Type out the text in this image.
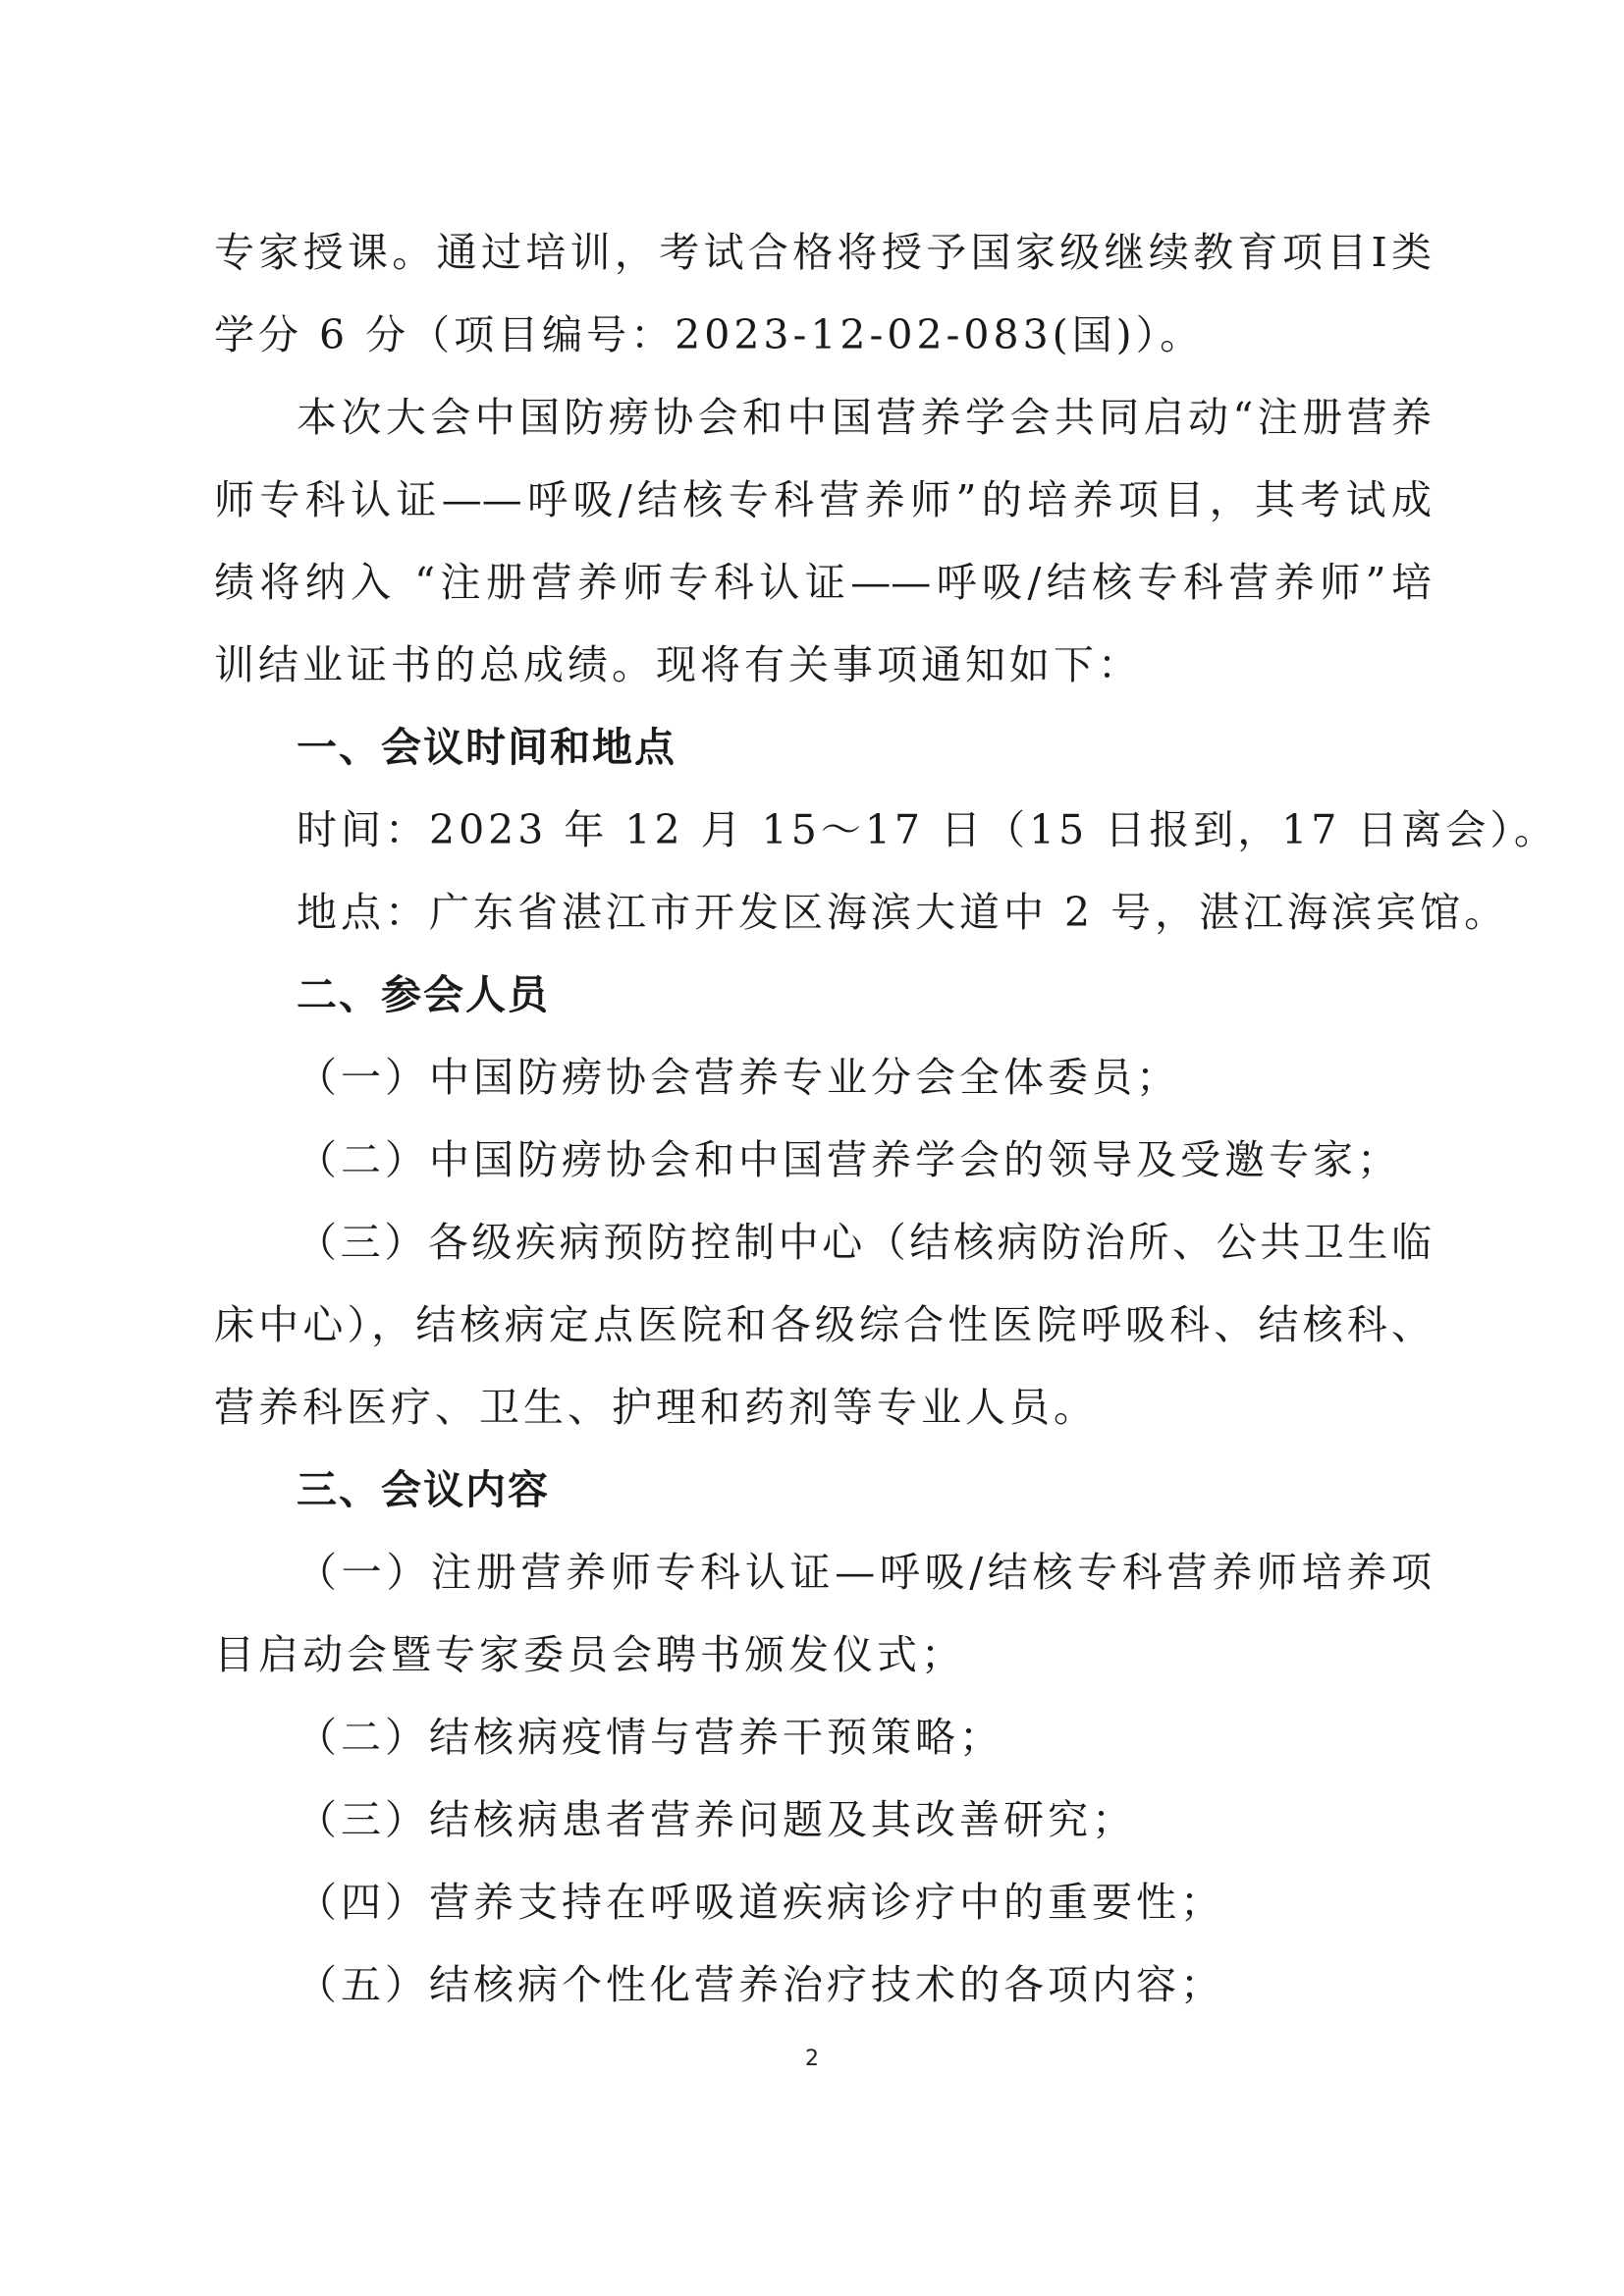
专家授课。通过培训，考试合格将授予国家级继续教育项目Ⅰ类
学分 6 分（项目编号：2023-12-02-083(国)）。
本次大会中国防痨协会和中国营养学会共同启动“注册营养
师专科认证——呼吸/结核专科营养师”的培养项目，其考试成
绩将纳入 “注册营养师专科认证——呼吸/结核专科营养师”培
训结业证书的总成绩。现将有关事项通知如下：
一、会议时间和地点
时间：2023 年 12 月 15～17 日（15 日报到，17 日离会）。
地点：广东省湛江市开发区海滨大道中 2 号，湛江海滨宾馆。
二、参会人员
（一）中国防痨协会营养专业分会全体委员；
（二）中国防痨协会和中国营养学会的领导及受邀专家；
（三）各级疾病预防控制中心（结核病防治所、公共卫生临
床中心），结核病定点医院和各级综合性医院呼吸科、结核科、
营养科医疗、卫生、护理和药剂等专业人员。
三、会议内容
（一）注册营养师专科认证—呼吸/结核专科营养师培养项
目启动会暨专家委员会聘书颁发仪式；
（二）结核病疫情与营养干预策略；
（三）结核病患者营养问题及其改善研究；
（四）营养支持在呼吸道疾病诊疗中的重要性；
（五）结核病个性化营养治疗技术的各项内容；
2
